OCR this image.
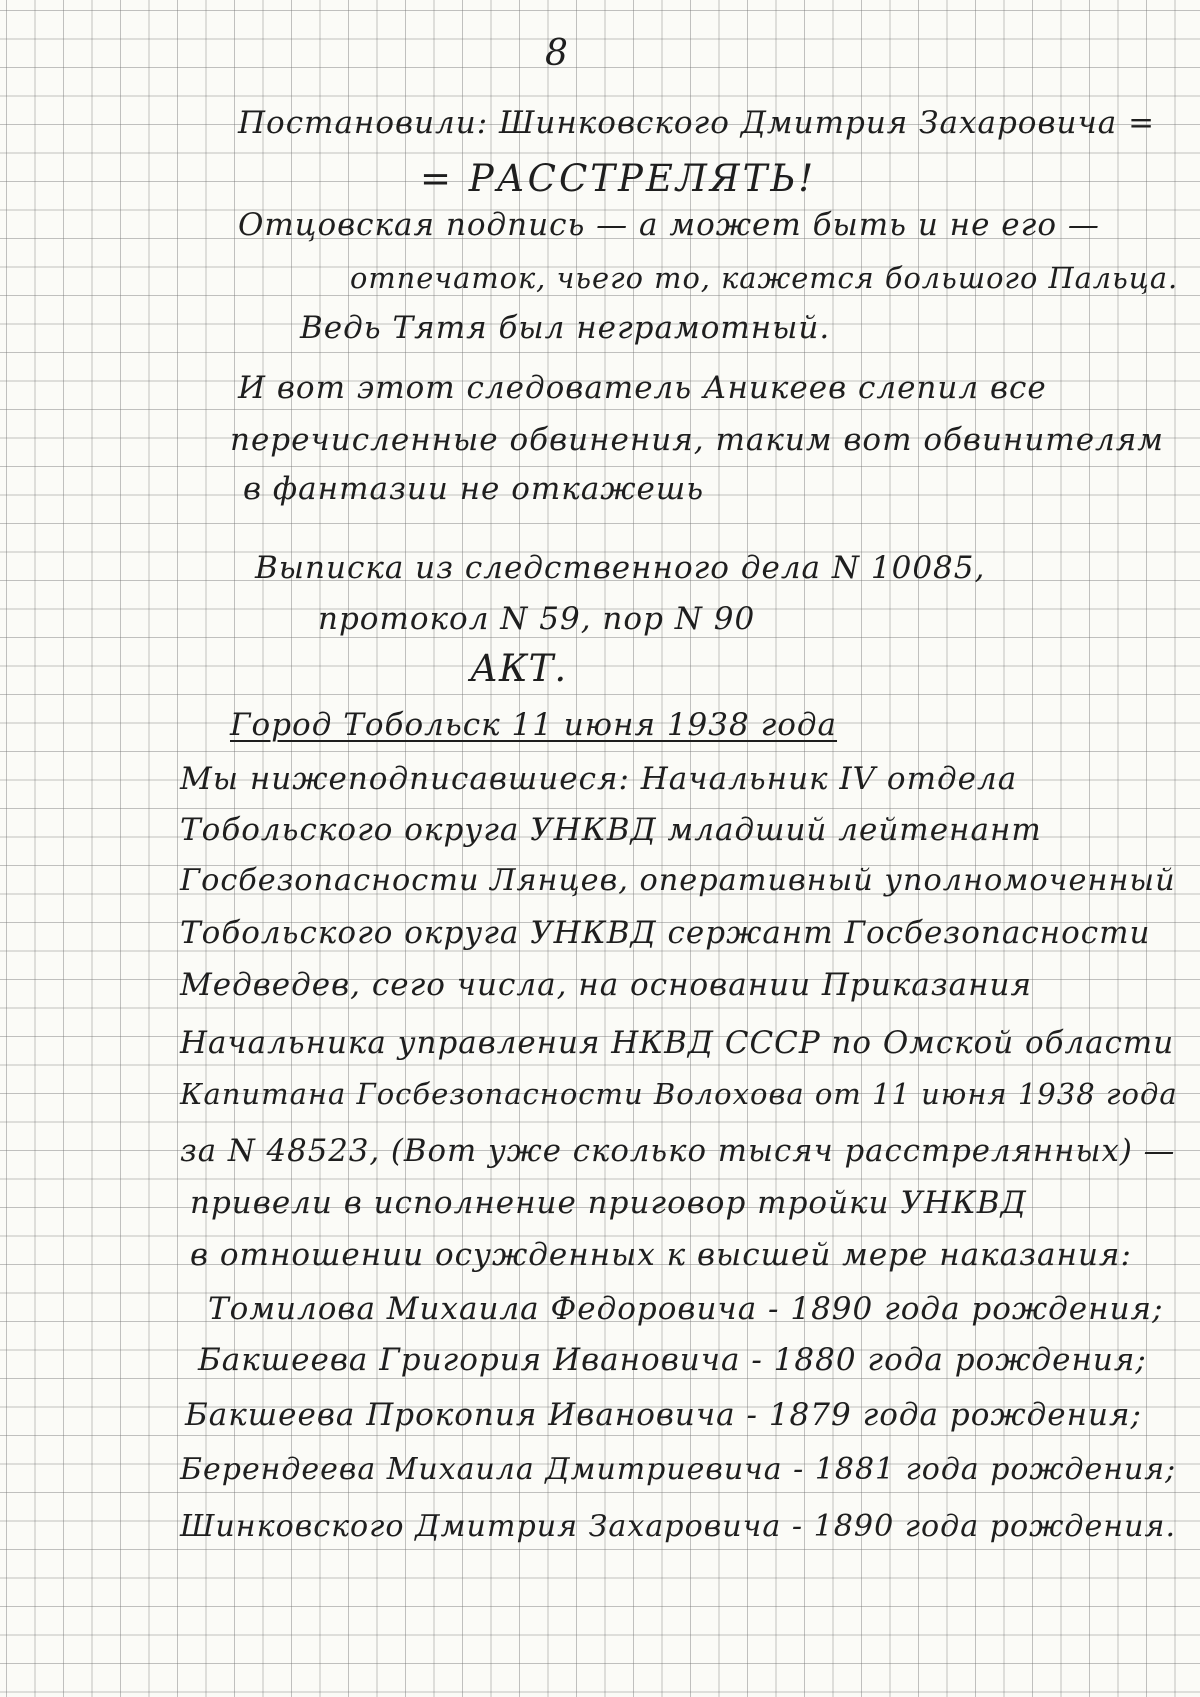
8
Постановили: Шинковского Дмитрия Захаровича =
= РАССТРЕЛЯТЬ!
Отцовская подпись — а может быть и не его —
отпечаток, чьего то, кажется большого Пальца.
Ведь Тятя был неграмотный.
И вот этот следователь Аникеев слепил все
перечисленные обвинения, таким вот обвинителям
в фантазии не откажешь
Выписка из следственного дела N 10085,
протокол N 59, пор N 90
АКТ.
Город Тобольск 11 июня 1938 года
Мы нижеподписавшиеся: Начальник IV отдела
Тобольского округа УНКВД младший лейтенант
Госбезопасности Лянцев, оперативный уполномоченный
Тобольского округа УНКВД сержант Госбезопасности
Медведев, сего числа, на основании Приказания
Начальника управления НКВД СССР по Омской области
Капитана Госбезопасности Волохова от 11 июня 1938 года
за N 48523, (Вот уже сколько тысяч расстрелянных) —
привели в исполнение приговор тройки УНКВД
в отношении осужденных к высшей мере наказания:
Томилова Михаила Федоровича - 1890 года рождения;
Бакшеева Григория Ивановича - 1880 года рождения;
Бакшеева Прокопия Ивановича - 1879 года рождения;
Берендеева Михаила Дмитриевича - 1881 года рождения;
Шинковского Дмитрия Захаровича - 1890 года рождения.
